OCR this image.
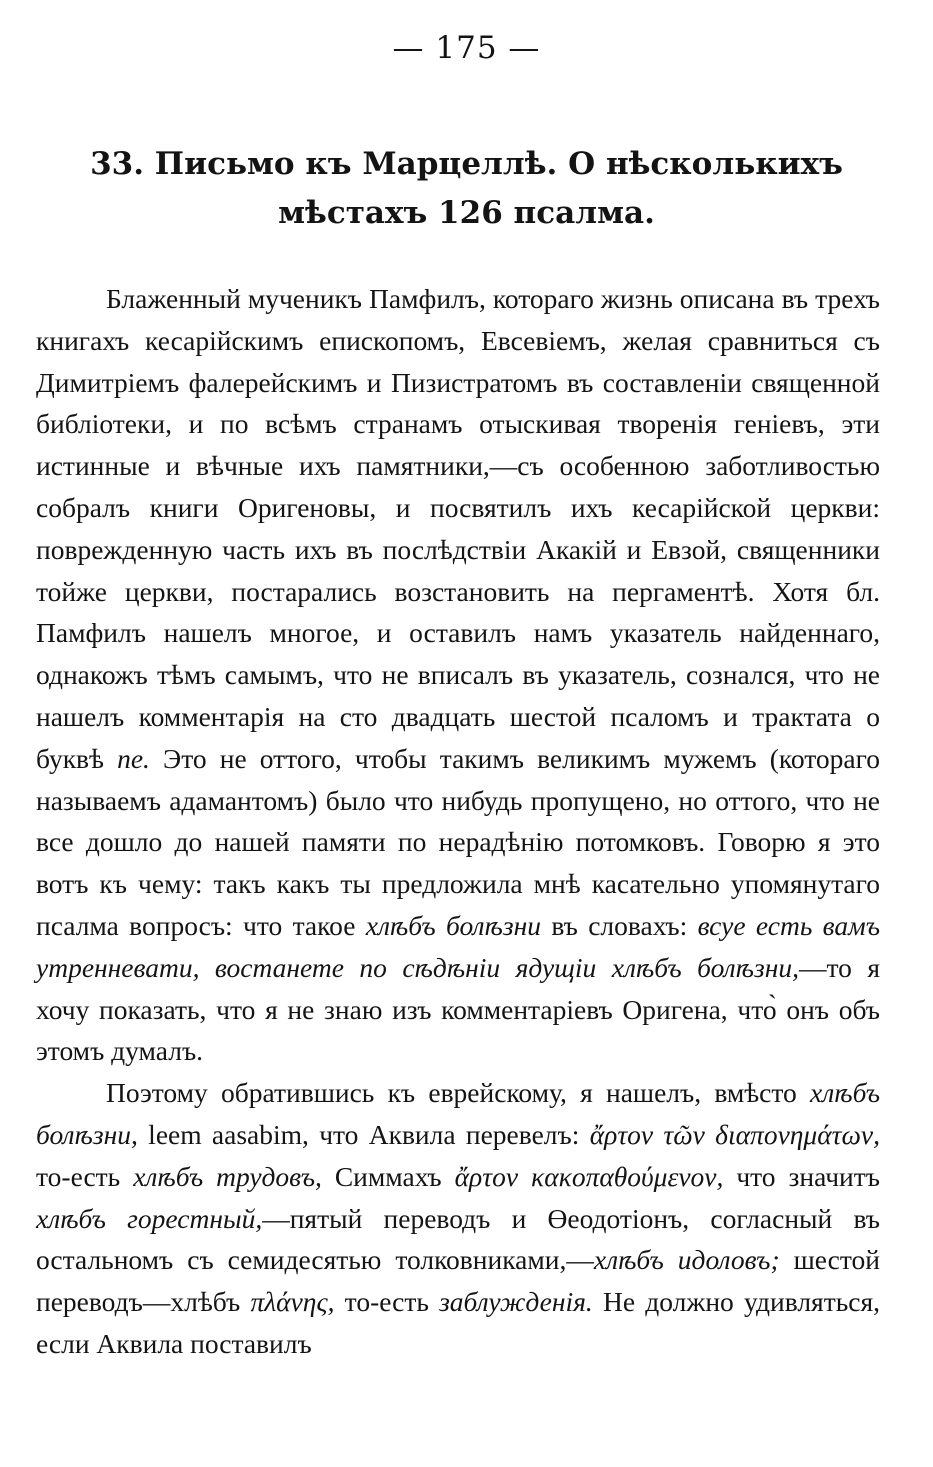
— 175 —
33. Письмо къ Марцеллѣ. О нѣсколькихъ
мѣстахъ 126 псалма.

Блаженный мученикъ Памфилъ, котораго жизнь описана въ трехъ книгахъ кесарійскимъ епископомъ, Евсевіемъ, желая сравниться съ Димитріемъ фалерейскимъ и Пизистратомъ въ составленіи священной библіотеки, и по всѣмъ странамъ отыскивая творенія геніевъ, эти истинные и вѣчные ихъ памятники,—съ особенною заботливостью собралъ книги Оригеновы, и посвятилъ ихъ кесарійской церкви: поврежденную часть ихъ въ послѣдствіи Акакій и Евзой, священники тойже церкви, постарались возстановить на пергаментѣ. Хотя бл. Памфилъ нашелъ многое, и оставилъ намъ указатель найденнаго, однакожъ тѣмъ самымъ, что не вписалъ въ указатель, сознался, что не нашелъ комментарія на сто двадцать шестой псаломъ и трактата о буквѣ пе. Это не оттого, чтобы такимъ великимъ мужемъ (котораго называемъ адамантомъ) было что нибудь пропущено, но оттого, что не все дошло до нашей памяти по нерадѣнію потомковъ. Говорю я это вотъ къ чему: такъ какъ ты предложила мнѣ касательно упомянутаго псалма вопросъ: что такое хлѣбъ болѣзни въ словахъ: всуе есть вамъ утренневати, востанете по сѣдѣніи ядущіи хлѣбъ болѣзни,—то я хочу показать, что я не знаю изъ комментаріевъ Оригена, что̀ онъ объ этомъ думалъ.

Поэтому обратившись къ еврейскому, я нашелъ, вмѣсто хлѣбъ болѣзни, leem aasabim, что Аквила перевелъ: ἄρτον τῶν διαπονημάτων, то-есть хлѣбъ трудовъ, Симмахъ ἄρτον κακοπαθούμενον, что значитъ хлѣбъ горестный,—пятый переводъ и Өеодотіонъ, согласный въ остальномъ съ семидесятью толковниками,—хлѣбъ идоловъ; шестой переводъ—хлѣбъ πλάνης, то-есть заблужденія. Не должно удивляться, если Аквила поставилъ
